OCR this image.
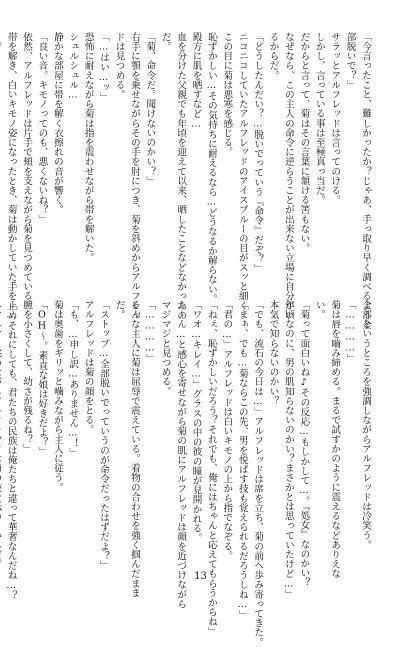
「今言ったこと、難しかったか？じゃあ、手っ取り早く調べるよう全
部脱いで？」
サラッとアルフレッドは言ってのける。
しかし、言っている事は至極真っ当だ。
だからと言って、菊はその言葉に頷ける筈もない。
なぜなら、この主人の命令に逆らうことが出来ない立場に自分がい
るからだ。
「どうしたんだい？…脱いでっていう『命令』だぞ？」
ニコニコしていたアルフレッドのアイスブルーの目がスッと細く
この目に菊は悪寒を感じる。
恥ずかしい…その気持ちに耐えるなら…どうなるか解らない。
殿方に肌を晒すなど…
血を分けた父親でも年頃を迎えて以来、晒したことなどなかったの
だ。
「菊、命令だ。聞けないのかい？」
右手に顎を乗せながらその手を肘につき、菊を斜めからアルフレッ
ドは見つめる。
「…はい…ッ」
恐怖に耐えながら菊は指を震わせながら帯を解いた。
シュルシュル…
静かな部屋に帯を解く衣擦れの音が響く。
「良い音。キモノってのも、悪くないね？」
依然、アルフレッドは片手で頬を支えながら菊を見つめている。
帯を解き、白いキモノ姿になったとき、菊は動かしていた手を止め
全部というところを強調しながらアルフレッドは冷笑う。
「…………」
菊は唇を嚙み締める。まるで試すかのように震えるなどありえな
い。
「菊って面白いね♪その反応…もしかして…。『処女』なのかい？
年頃なのに、男の肌知らないのかい？まさかとは思っていたけど…」
本気で知らないのかい？
「でも、流石の今日は…」アルフレッドは席を立ち、菊の前へ歩み寄ってきた。
「まぁ、でも…菊ならこの先、男を悦ばす技も覚えられるだろうしね…」
「君の…」アルフレッドは白いキモノの上から指でなぞる。
「ねぇ、恥ずかしいだろう？それでも、俺にはちゃんと応えてもらうからね」
「ワオ…キレイ…」グラスの中の彼の瞳が見開かれる。
ふ〜ん…と感心を寄せながら菊の肌にアルフレッドは顔を近づけながら
マジマジと見つめる。
「…………」
そんな主人に菊は屈辱で震えている。着物の合わせを強く掴んだまま
だ。
「ストップ…全部脱いでっていうのが命令だったはずだよ？」
アルフレッドは菊の顔をとる。
「も、…申し訳…ありません…！」
菊は奥歯をギリッと噛みながら主人に従う。
「OH〜。素直な娘は好きだよ？」
腕を小さくして、幼さが残るね？」
「…それにしても、君たちの民族は俺たちと違って華奢なんだね…？	13
